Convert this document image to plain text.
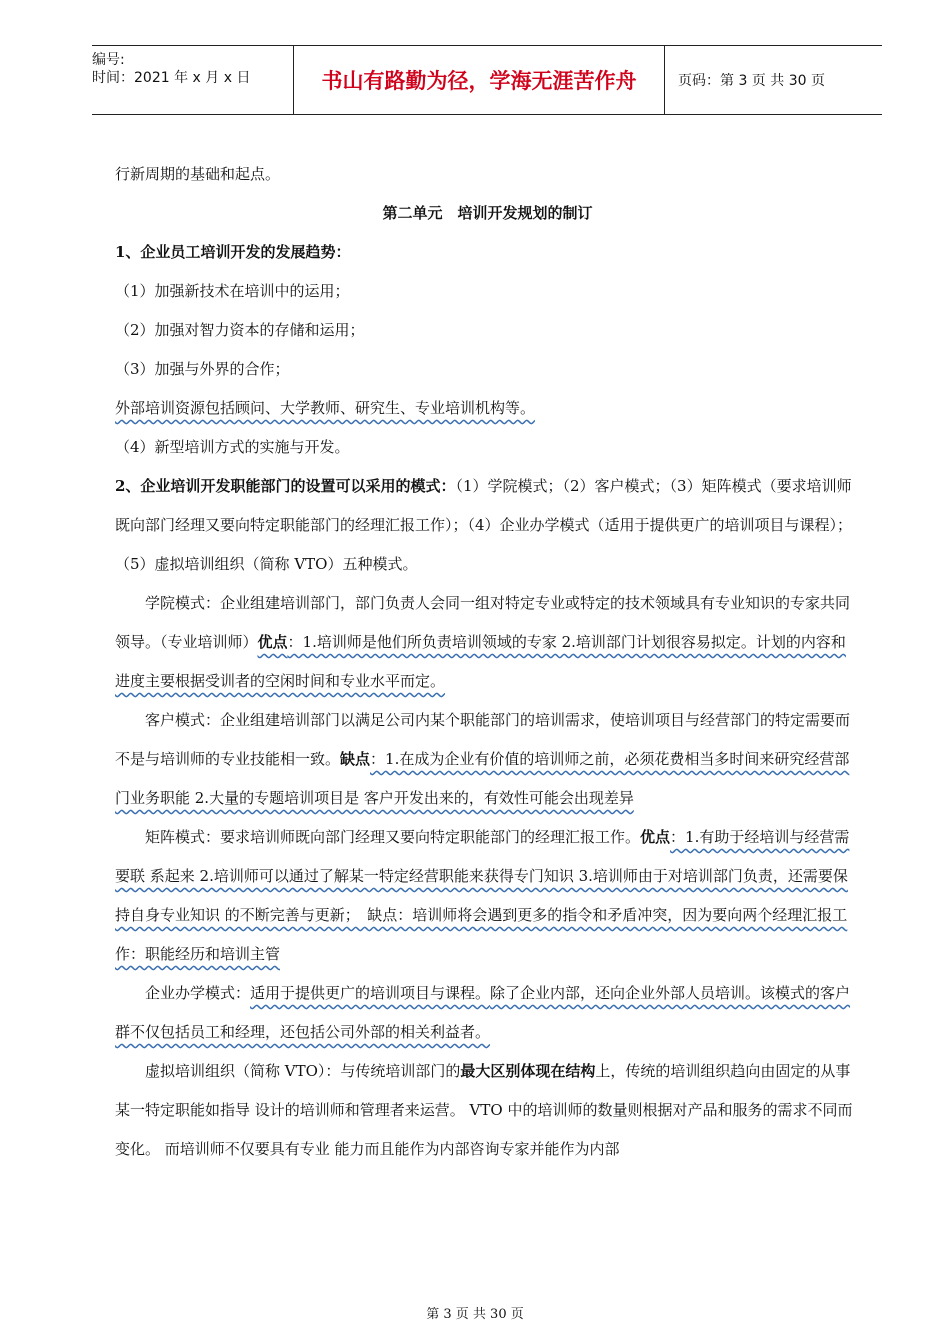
编号:
时间：2021 年 x 月 x 日	书山有路勤为径，学海无涯苦作舟	页码：第 3 页 共 30 页

行新周期的基础和起点。

第二单元　培训开发规划的制订

1、企业员工培训开发的发展趋势：

（1）加强新技术在培训中的运用；

（2）加强对智力资本的存储和运用；

（3）加强与外界的合作；

外部培训资源包括顾问、大学教师、研究生、专业培训机构等。

（4）新型培训方式的实施与开发。

2、企业培训开发职能部门的设置可以采用的模式：（1）学院模式；（2）客户模式；（3）矩阵模式（要求培训师既向部门经理又要向特定职能部门的经理汇报工作）；（4）企业办学模式（适用于提供更广的培训项目与课程）；（5）虚拟培训组织（简称 VTO）五种模式。

学院模式：企业组建培训部门，部门负责人会同一组对特定专业或特定的技术领域具有专业知识的专家共同领导。（专业培训师）优点：1.培训师是他们所负责培训领域的专家 2.培训部门计划很容易拟定。计划的内容和进度主要根据受训者的空闲时间和专业水平而定。

客户模式：企业组建培训部门以满足公司内某个职能部门的培训需求，使培训项目与经营部门的特定需要而不是与培训师的专业技能相一致。缺点：1.在成为企业有价值的培训师之前，必须花费相当多时间来研究经营部门业务职能 2.大量的专题培训项目是 客户开发出来的，有效性可能会出现差异

矩阵模式：要求培训师既向部门经理又要向特定职能部门的经理汇报工作。优点：1.有助于经培训与经营需要联 系起来 2.培训师可以通过了解某一特定经营职能来获得专门知识 3.培训师由于对培训部门负责，还需要保持自身专业知识 的不断完善与更新；　缺点：培训师将会遇到更多的指令和矛盾冲突，因为要向两个经理汇报工作：职能经历和培训主管

企业办学模式：适用于提供更广的培训项目与课程。除了企业内部，还向企业外部人员培训。该模式的客户群不仅包括员工和经理，还包括公司外部的相关利益者。

虚拟培训组织（简称 VTO）：与传统培训部门的最大区别体现在结构上，传统的培训组织趋向由固定的从事某一特定职能如指导 设计的培训师和管理者来运营。 VTO 中的培训师的数量则根据对产品和服务的需求不同而变化。 而培训师不仅要具有专业 能力而且能作为内部咨询专家并能作为内部

第 3 页 共 30 页
